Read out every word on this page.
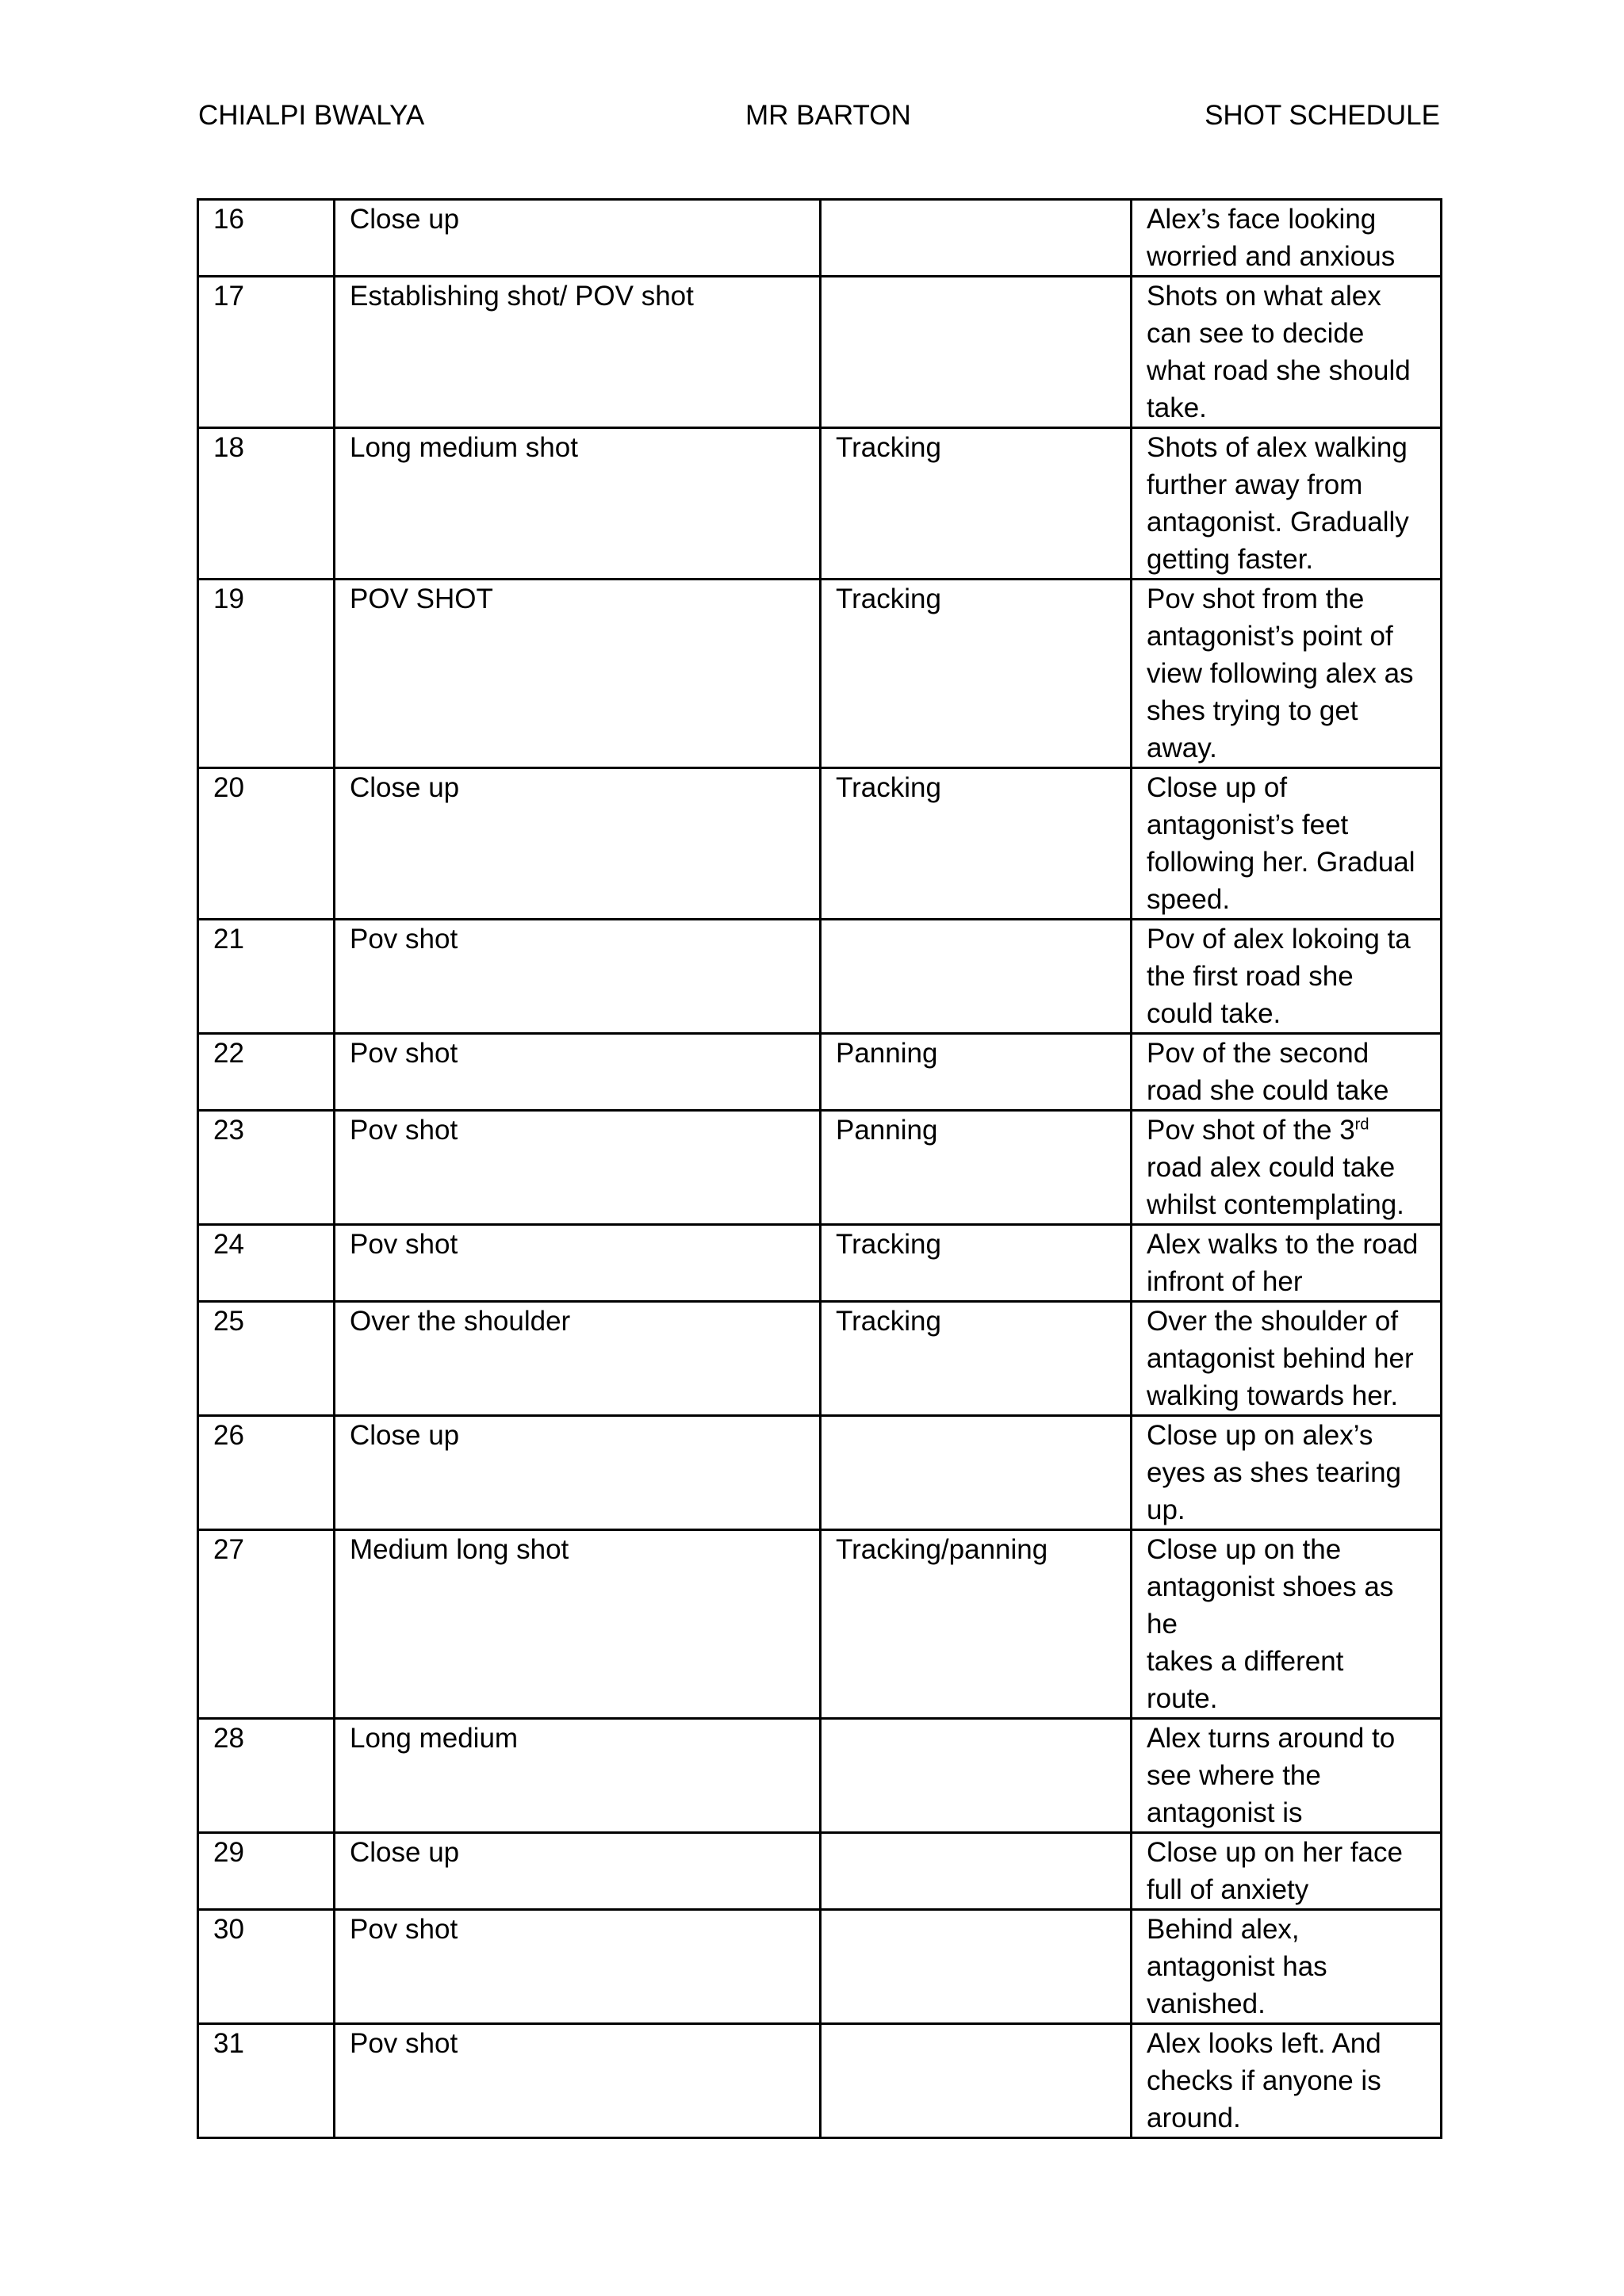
CHIALPI BWALYA	MR BARTON	SHOT SCHEDULE
16	Close up		Alex’s face looking
worried and anxious
17	Establishing shot/ POV shot		Shots on what alex
can see to decide
what road she should
take.
18	Long medium shot	Tracking	Shots of alex walking
further away from
antagonist. Gradually
getting faster.
19	POV SHOT	Tracking	Pov shot from the
antagonist’s point of
view following alex as
shes trying to get
away.
20	Close up	Tracking	Close up of
antagonist’s feet
following her. Gradual
speed.
21	Pov shot		Pov of alex lokoing ta
the first road she
could take.
22	Pov shot	Panning	Pov of the second
road she could take
23	Pov shot	Panning	Pov shot of the 3rd
road alex could take
whilst contemplating.
24	Pov shot	Tracking	Alex walks to the road
infront of her
25	Over the shoulder	Tracking	Over the shoulder of
antagonist behind her
walking towards her.
26	Close up		Close up on alex’s
eyes as shes tearing
up.
27	Medium long shot	Tracking/panning	Close up on the
antagonist shoes as he
takes a different
route.
28	Long medium		Alex turns around to
see where the
antagonist is
29	Close up		Close up on her face
full of anxiety
30	Pov shot		Behind alex,
antagonist has
vanished.
31	Pov shot		Alex looks left. And
checks if anyone is
around.
